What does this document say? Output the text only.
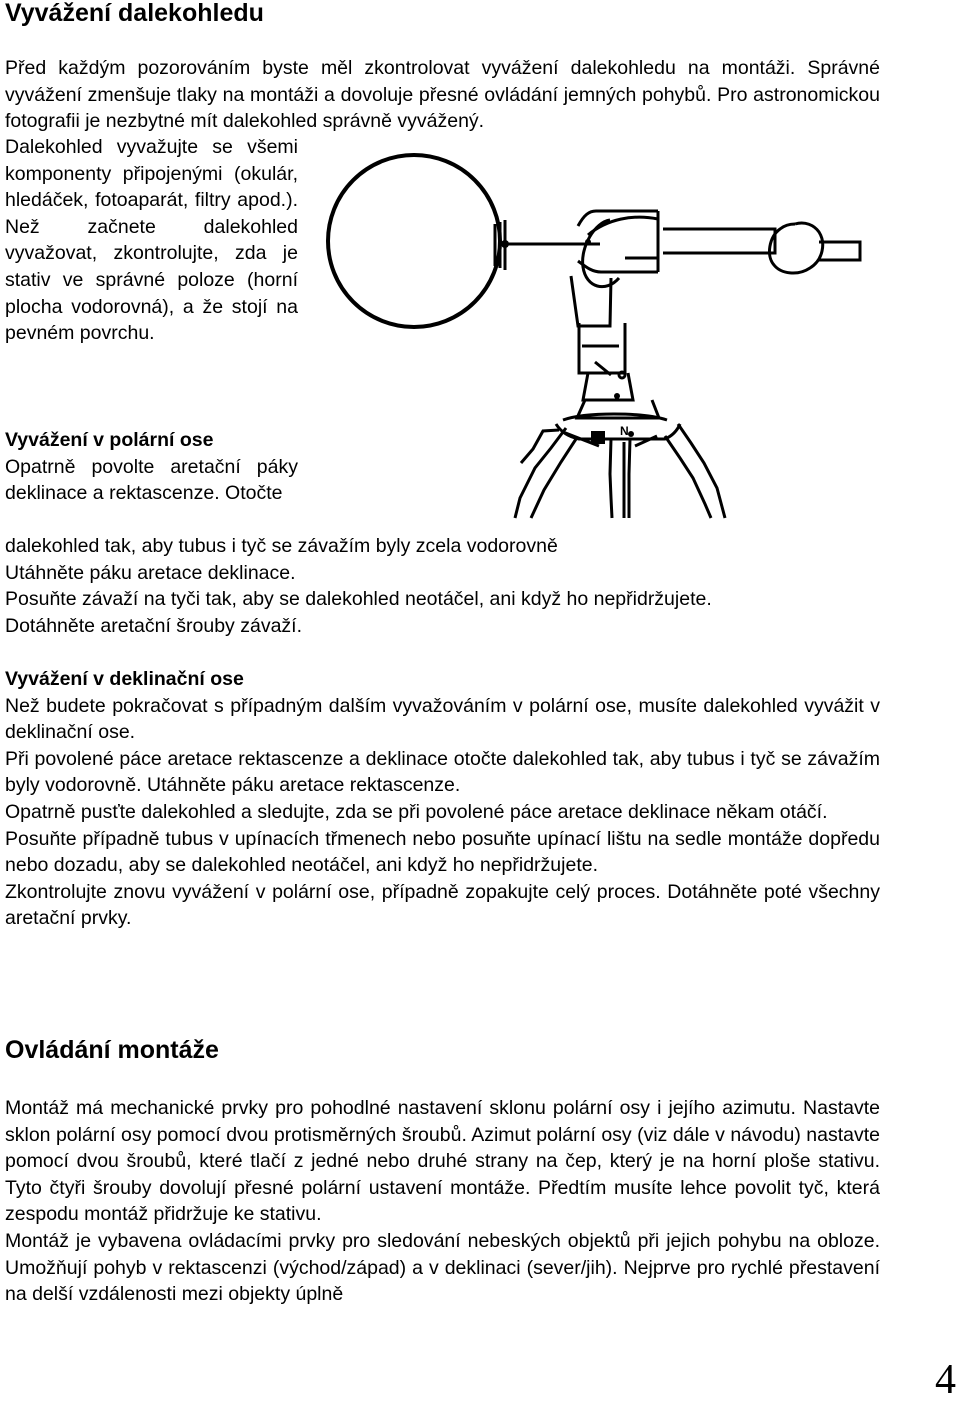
Vyvážení dalekohledu
Před každým pozorováním byste měl zkontrolovat vyvážení dalekohledu na montáži. Správné vyvážení zmenšuje tlaky na montáži a dovoluje přesné ovládání jemných pohybů. Pro astronomickou fotografii je nezbytné mít dalekohled správně vyvážený.
Dalekohled vyvažujte se všemi komponenty připojenými (okulár, hledáček, fotoaparát, filtry apod.). Než začnete dalekohled vyvažovat, zkontrolujte, zda je stativ ve správné poloze (horní plocha vodorovná), a že stojí na pevném povrchu.
Vyvážení v polární ose
Opatrně povolte aretační páky deklinace a rektascenze. Otočte
dalekohled tak, aby tubus i tyč se závažím byly zcela vodorovně
Utáhněte páku aretace deklinace.
Posuňte závaží na tyči tak, aby se dalekohled neotáčel, ani když ho nepřidržujete.
Dotáhněte aretační šrouby závaží.
Vyvážení v deklinační ose

Než budete pokračovat s případným dalším vyvažováním v polární ose, musíte dalekohled vyvážit v deklinační ose.

Při povolené páce aretace rektascenze a deklinace otočte dalekohled tak, aby tubus i tyč se závažím byly vodorovně. Utáhněte páku aretace rektascenze.

Opatrně pusťte dalekohled a sledujte, zda se při povolené páce aretace deklinace někam otáčí.

Posuňte případně tubus v upínacích třmenech nebo posuňte upínací lištu na sedle montáže dopředu nebo dozadu, aby se dalekohled neotáčel, ani když ho nepřidržujete.

Zkontrolujte znovu vyvážení v polární ose, případně zopakujte celý proces. Dotáhněte poté všechny aretační prvky.

Ovládání montáže

Montáž má mechanické prvky pro pohodlné nastavení sklonu polární osy i jejího azimutu. Nastavte sklon polární osy pomocí dvou protisměrných šroubů. Azimut polární osy (viz dále v návodu) nastavte pomocí dvou šroubů, které tlačí z jedné nebo druhé strany na čep, který je na horní ploše stativu. Tyto čtyři šrouby dovolují přesné polární ustavení montáže. Předtím musíte lehce povolit tyč, která zespodu montáž přidržuje ke stativu.

Montáž je vybavena ovládacími prvky pro sledování nebeských objektů při jejich pohybu na obloze. Umožňují pohyb v rektascenzi (východ/západ) a v deklinaci (sever/jih). Nejprve pro rychlé přestavení na delší vzdálenosti mezi objekty úplně

N
4
